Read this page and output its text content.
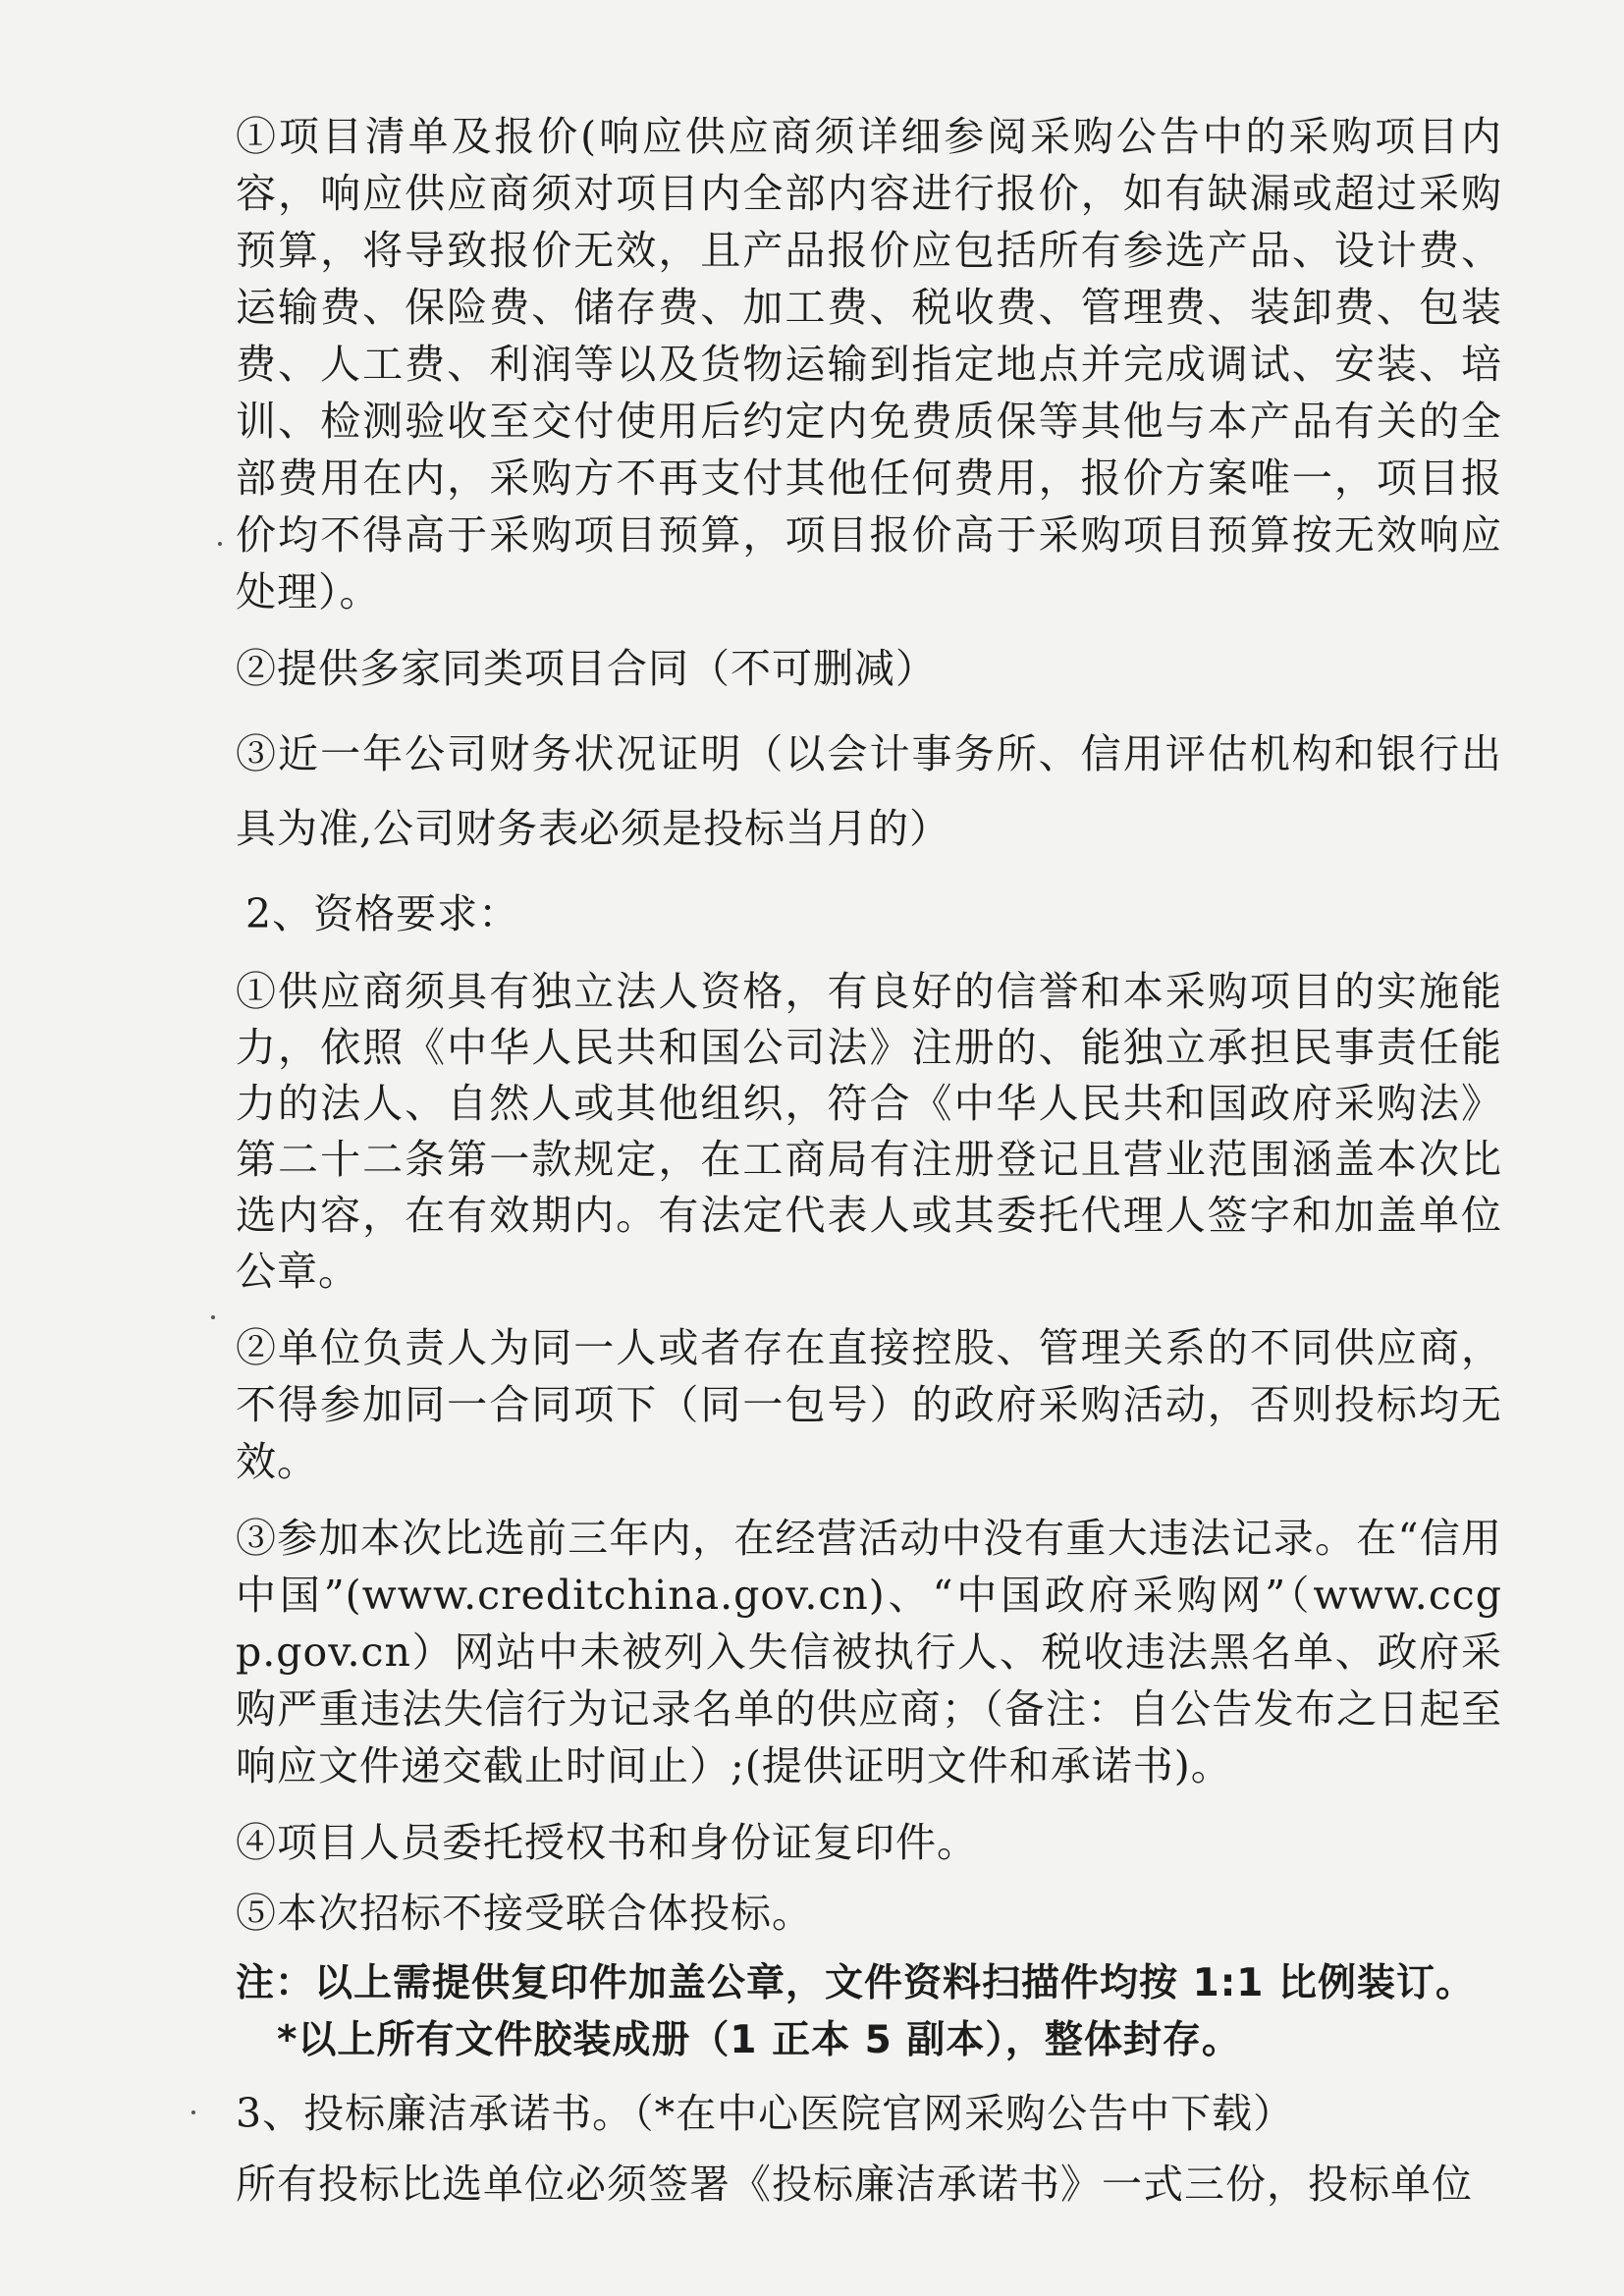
①项目清单及报价(响应供应商须详细参阅采购公告中的采购项目内容，响应供应商须对项目内全部内容进行报价，如有缺漏或超过采购预算，将导致报价无效，且产品报价应包括所有参选产品、设计费、运输费、保险费、储存费、加工费、税收费、管理费、装卸费、包装费、人工费、利润等以及货物运输到指定地点并完成调试、安装、培训、检测验收至交付使用后约定内免费质保等其他与本产品有关的全部费用在内，采购方不再支付其他任何费用，报价方案唯一，项目报价均不得高于采购项目预算，项目报价高于采购项目预算按无效响应处理）。

②提供多家同类项目合同（不可删减）

③近一年公司财务状况证明（以会计事务所、信用评估机构和银行出具为准,公司财务表必须是投标当月的）

2、资格要求：

①供应商须具有独立法人资格，有良好的信誉和本采购项目的实施能力，依照《中华人民共和国公司法》注册的、能独立承担民事责任能力的法人、自然人或其他组织，符合《中华人民共和国政府采购法》第二十二条第一款规定，在工商局有注册登记且营业范围涵盖本次比选内容，在有效期内。有法定代表人或其委托代理人签字和加盖单位公章。

②单位负责人为同一人或者存在直接控股、管理关系的不同供应商，不得参加同一合同项下（同一包号）的政府采购活动，否则投标均无效。

③参加本次比选前三年内，在经营活动中没有重大违法记录。在“信用中国”(www.creditchina.gov.cn)、“中国政府采购网”（www.ccgp.gov.cn）网站中未被列入失信被执行人、税收违法黑名单、政府采购严重违法失信行为记录名单的供应商；（备注：自公告发布之日起至响应文件递交截止时间止）;(提供证明文件和承诺书)。

④项目人员委托授权书和身份证复印件。

⑤本次招标不接受联合体投标。

注：以上需提供复印件加盖公章，文件资料扫描件均按 1:1 比例装订。
*以上所有文件胶装成册（1 正本 5 副本），整体封存。

3、投标廉洁承诺书。（*在中心医院官网采购公告中下载）

所有投标比选单位必须签署《投标廉洁承诺书》一式三份，投标单位
